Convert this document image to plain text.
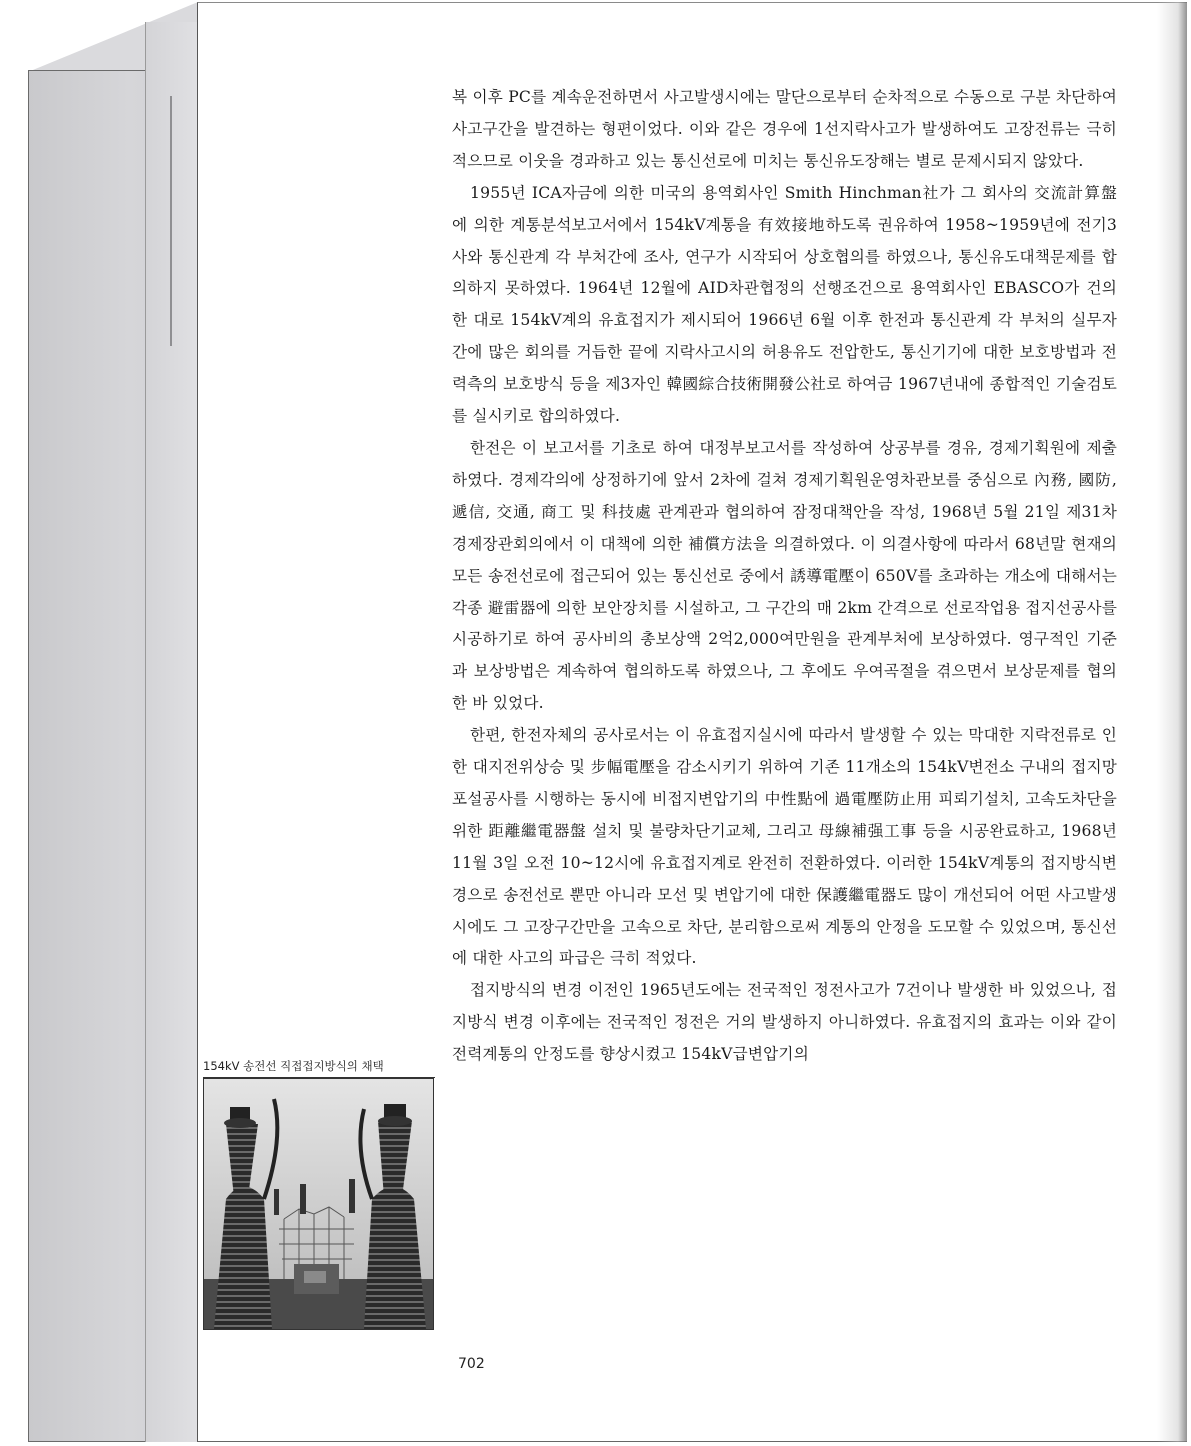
복 이후 PC를 계속운전하면서 사고발생시에는 말단으로부터 순차적으로 수동으로 구분 차단하여 사고구간을 발견하는 형편이었다. 이와 같은 경우에 1선지락사고가 발생하여도 고장전류는 극히 적으므로 이웃을 경과하고 있는 통신선로에 미치는 통신유도장해는 별로 문제시되지 않았다.

1955년 ICA자금에 의한 미국의 용역회사인 Smith Hinchman社가 그 회사의 交流計算盤에 의한 계통분석보고서에서 154kV계통을 有效接地하도록 권유하여 1958~1959년에 전기3사와 통신관계 각 부처간에 조사, 연구가 시작되어 상호협의를 하였으나, 통신유도대책문제를 합의하지 못하였다. 1964년 12월에 AID차관협정의 선행조건으로 용역회사인 EBASCO가 건의한 대로 154kV계의 유효접지가 제시되어 1966년 6월 이후 한전과 통신관계 각 부처의 실무자간에 많은 회의를 거듭한 끝에 지락사고시의 허용유도 전압한도, 통신기기에 대한 보호방법과 전력측의 보호방식 등을 제3자인 韓國綜合技術開發公社로 하여금 1967년내에 종합적인 기술검토를 실시키로 합의하였다.

한전은 이 보고서를 기초로 하여 대정부보고서를 작성하여 상공부를 경유, 경제기획원에 제출하였다. 경제각의에 상정하기에 앞서 2차에 걸쳐 경제기획원운영차관보를 중심으로 內務, 國防, 遞信, 交通, 商工 및 科技處 관계관과 협의하여 잠정대책안을 작성, 1968년 5월 21일 제31차 경제장관회의에서 이 대책에 의한 補償方法을 의결하였다. 이 의결사항에 따라서 68년말 현재의 모든 송전선로에 접근되어 있는 통신선로 중에서 誘導電壓이 650V를 초과하는 개소에 대해서는 각종 避雷器에 의한 보안장치를 시설하고, 그 구간의 매 2km 간격으로 선로작업용 접지선공사를 시공하기로 하여 공사비의 총보상액 2억2,000여만원을 관계부처에 보상하였다. 영구적인 기준과 보상방법은 계속하여 협의하도록 하였으나, 그 후에도 우여곡절을 겪으면서 보상문제를 협의한 바 있었다.

한편, 한전자체의 공사로서는 이 유효접지실시에 따라서 발생할 수 있는 막대한 지락전류로 인한 대지전위상승 및 步幅電壓을 감소시키기 위하여 기존 11개소의 154kV변전소 구내의 접지망 포설공사를 시행하는 동시에 비접지변압기의 中性點에 過電壓防止用 피뢰기설치, 고속도차단을 위한 距離繼電器盤 설치 및 불량차단기교체, 그리고 母線補强工事 등을 시공완료하고, 1968년 11월 3일 오전 10~12시에 유효접지계로 완전히 전환하였다. 이러한 154kV계통의 접지방식변경으로 송전선로 뿐만 아니라 모선 및 변압기에 대한 保護繼電器도 많이 개선되어 어떤 사고발생시에도 그 고장구간만을 고속으로 차단, 분리함으로써 계통의 안정을 도모할 수 있었으며, 통신선에 대한 사고의 파급은 극히 적었다.

접지방식의 변경 이전인 1965년도에는 전국적인 정전사고가 7건이나 발생한 바 있었으나, 접지방식 변경 이후에는 전국적인 정전은 거의 발생하지 아니하였다. 유효접지의 효과는 이와 같이 전력계통의 안정도를 향상시켰고 154kV급변압기의

154kV 송전선 직접접지방식의 채택
702
